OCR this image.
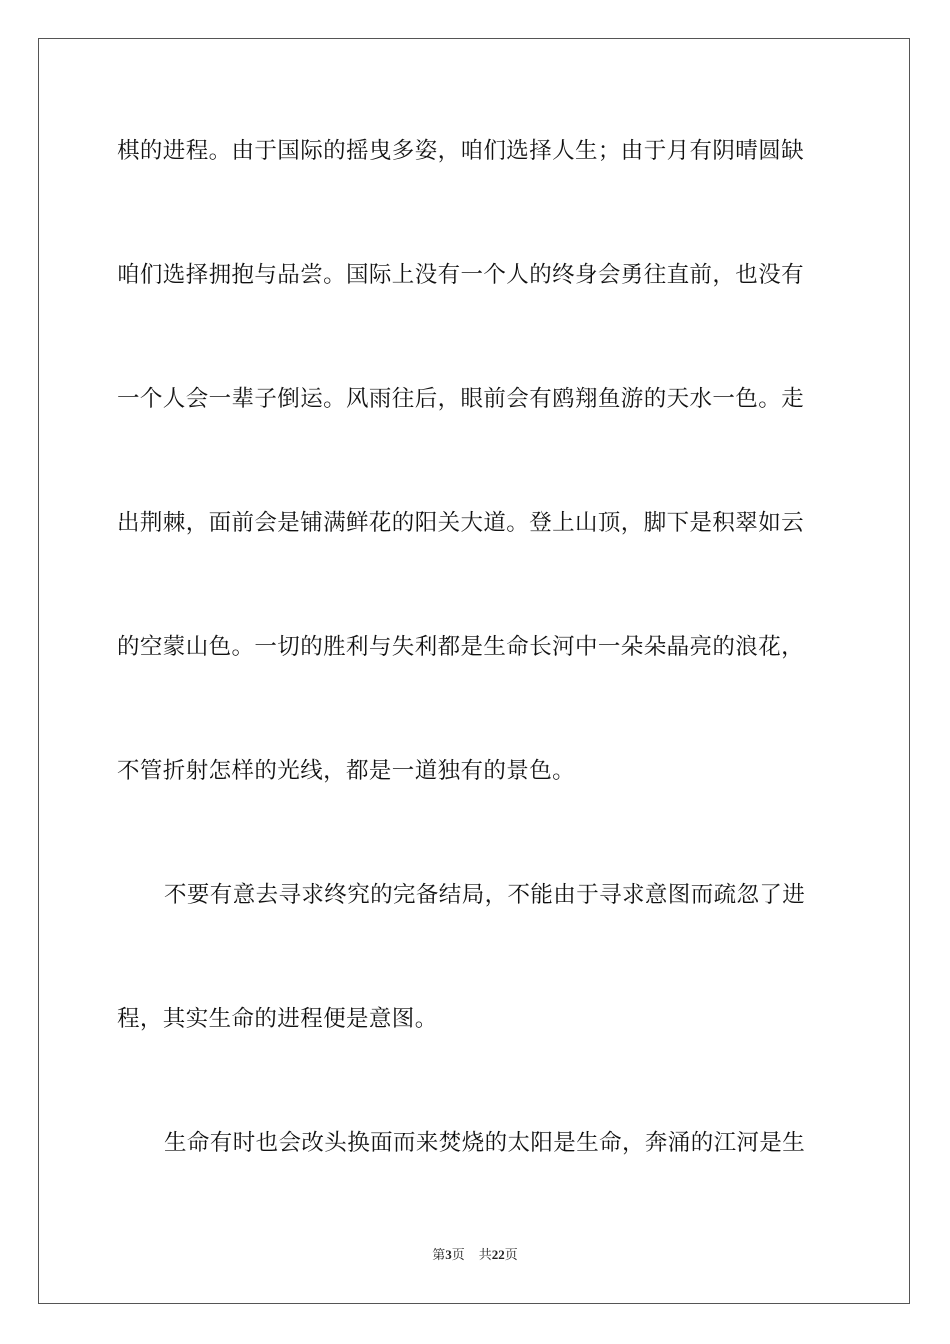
棋的进程。由于国际的摇曳多姿，咱们选择人生；由于月有阴晴圆缺
咱们选择拥抱与品尝。国际上没有一个人的终身会勇往直前，也没有
一个人会一辈子倒运。风雨往后，眼前会有鸥翔鱼游的天水一色。走
出荆棘，面前会是铺满鲜花的阳关大道。登上山顶，脚下是积翠如云
的空蒙山色。一切的胜利与失利都是生命长河中一朵朵晶亮的浪花，
不管折射怎样的光线，都是一道独有的景色。
不要有意去寻求终究的完备结局，不能由于寻求意图而疏忽了进
程，其实生命的进程便是意图。
生命有时也会改头换面而来焚烧的太阳是生命，奔涌的江河是生
第3页 共22页
